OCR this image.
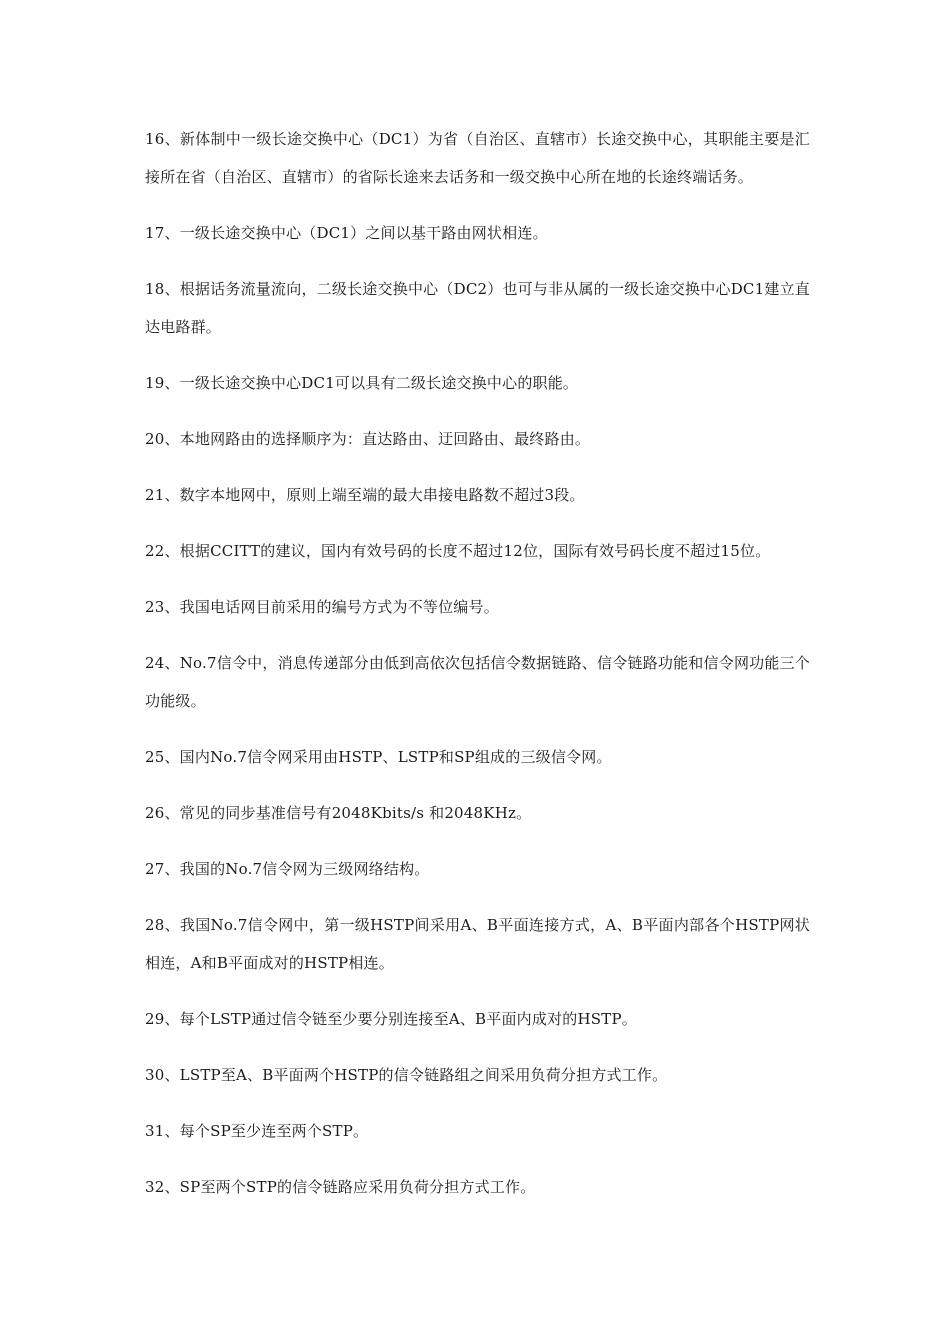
16、新体制中一级长途交换中心（DC1）为省（自治区、直辖市）长途交换中心，其职能主要是汇接所在省（自治区、直辖市）的省际长途来去话务和一级交换中心所在地的长途终端话务。

17、一级长途交换中心（DC1）之间以基干路由网状相连。

18、根据话务流量流向，二级长途交换中心（DC2）也可与非从属的一级长途交换中心DC1建立直达电路群。

19、一级长途交换中心DC1可以具有二级长途交换中心的职能。

20、本地网路由的选择顺序为：直达路由、迂回路由、最终路由。

21、数字本地网中，原则上端至端的最大串接电路数不超过3段。

22、根据CCITT的建议，国内有效号码的长度不超过12位，国际有效号码长度不超过15位。

23、我国电话网目前采用的编号方式为不等位编号。

24、No.7信令中，消息传递部分由低到高依次包括信令数据链路、信令链路功能和信令网功能三个功能级。

25、国内No.7信令网采用由HSTP、LSTP和SP组成的三级信令网。

26、常见的同步基准信号有2048Kbits/s 和2048KHz。

27、我国的No.7信令网为三级网络结构。

28、我国No.7信令网中，第一级HSTP间采用A、B平面连接方式，A、B平面内部各个HSTP网状相连，A和B平面成对的HSTP相连。

29、每个LSTP通过信令链至少要分别连接至A、B平面内成对的HSTP。

30、LSTP至A、B平面两个HSTP的信令链路组之间采用负荷分担方式工作。

31、每个SP至少连至两个STP。

32、SP至两个STP的信令链路应采用负荷分担方式工作。
